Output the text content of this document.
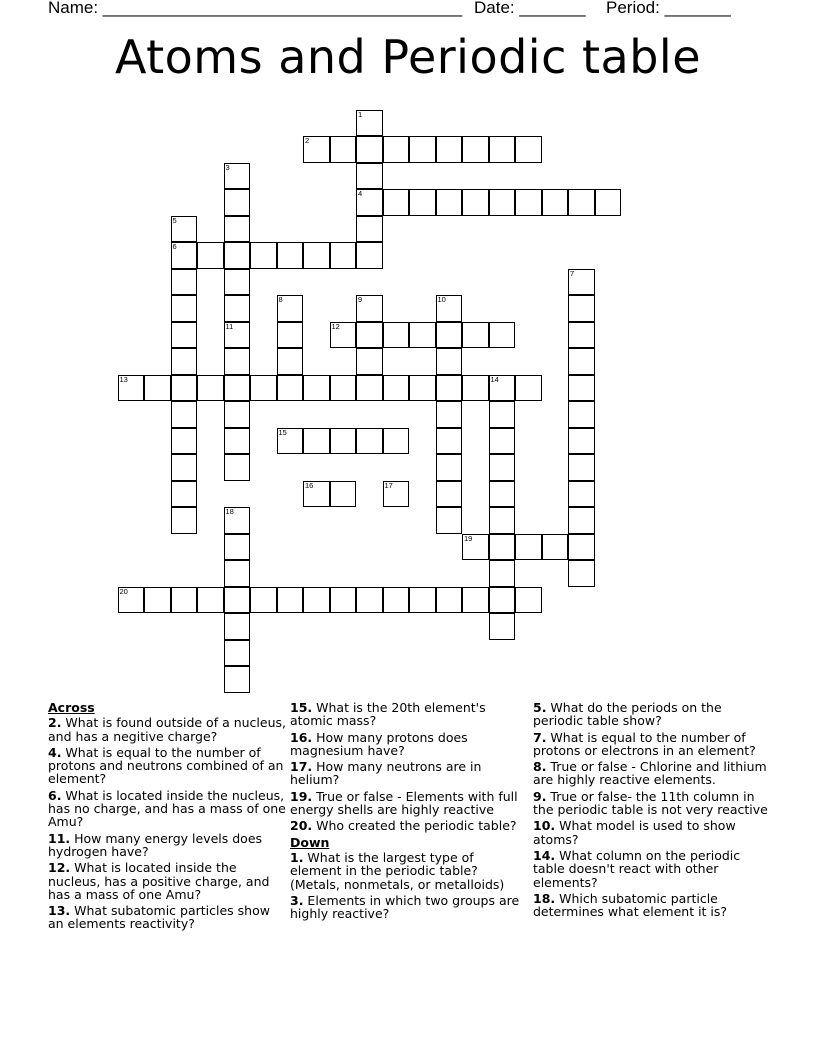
Name: ______________________________________ Date: _______ Period: _______
Atoms and Periodic table
1
2
3
4
5
6
7
8	9	10
11	12
13	14
15
16	17
18
19
20
Across
2. What is found outside of a nucleus, and has a negitive charge?
4. What is equal to the number of protons and neutrons combined of an element?
6. What is located inside the nucleus, has no charge, and has a mass of one Amu?
11. How many energy levels does hydrogen have?
12. What is located inside the nucleus, has a positive charge, and has a mass of one Amu?
13. What subatomic particles show an elements reactivity?
15. What is the 20th element's atomic mass?
16. How many protons does magnesium have?
17. How many neutrons are in helium?
19. True or false - Elements with full energy shells are highly reactive
20. Who created the periodic table?
Down
1. What is the largest type of element in the periodic table? (Metals, nonmetals, or metalloids)
3. Elements in which two groups are highly reactive?
5. What do the periods on the periodic table show?
7. What is equal to the number of protons or electrons in an element?
8. True or false - Chlorine and lithium are highly reactive elements.
9. True or false- the 11th column in the periodic table is not very reactive
10. What model is used to show atoms?
14. What column on the periodic table doesn't react with other elements?
18. Which subatomic particle determines what element it is?
